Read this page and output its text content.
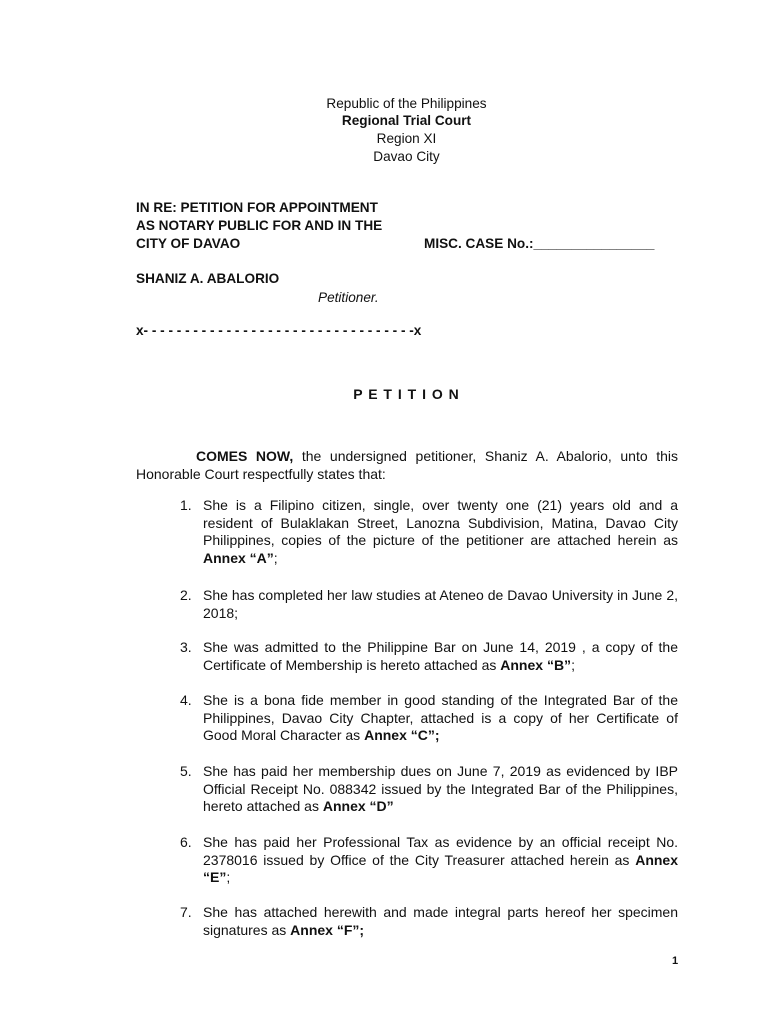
Republic of the Philippines
Regional Trial Court
Region XI
Davao City
IN RE: PETITION FOR APPOINTMENT
AS NOTARY PUBLIC FOR AND IN THE
CITY OF DAVAO	MISC. CASE No.:________________
SHANIZ A. ABALORIO
Petitioner.
x- - - - - - - - - - - - - - - - - - - - - - - - - - - - - - - - -x
P E T I T I O N
COMES NOW, the undersigned petitioner, Shaniz A. Abalorio, unto this Honorable Court respectfully states that:
1. She is a Filipino citizen, single, over twenty one (21) years old and a resident of Bulaklakan Street, Lanozna Subdivision, Matina, Davao City Philippines, copies of the picture of the petitioner are attached herein as Annex “A”;
2. She has completed her law studies at Ateneo de Davao University in June 2, 2018;
3. She was admitted to the Philippine Bar on June 14, 2019 , a copy of the Certificate of Membership is hereto attached as Annex “B”;
4. She is a bona fide member in good standing of the Integrated Bar of the Philippines, Davao City Chapter, attached is a copy of her Certificate of Good Moral Character as Annex “C”;
5. She has paid her membership dues on June 7, 2019 as evidenced by IBP Official Receipt No. 088342 issued by the Integrated Bar of the Philippines, hereto attached as Annex “D”
6. She has paid her Professional Tax as evidence by an official receipt No. 2378016 issued by Office of the City Treasurer attached herein as Annex “E”;
7. She has attached herewith and made integral parts hereof her specimen signatures as Annex “F”;
1
